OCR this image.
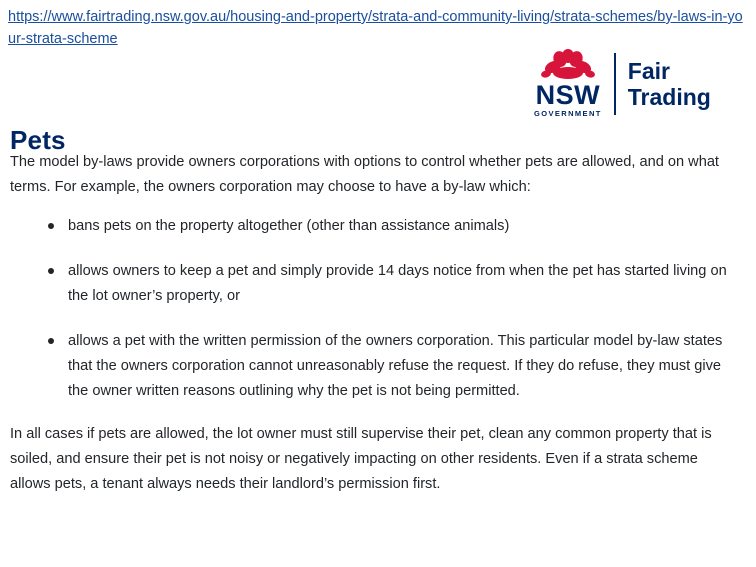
https://www.fairtrading.nsw.gov.au/housing-and-property/strata-and-community-living/strata-schemes/by-laws-in-your-strata-scheme
NSW
GOVERNMENT
Fair
Trading
Pets

The model by-laws provide owners corporations with options to control whether pets are allowed, and on what terms. For example, the owners corporation may choose to have a by-law which:

bans pets on the property altogether (other than assistance animals)
allows owners to keep a pet and simply provide 14 days notice from when the pet has started living on the lot owner’s property, or
allows a pet with the written permission of the owners corporation. This particular model by-law states that the owners corporation cannot unreasonably refuse the request. If they do refuse, they must give the owner written reasons outlining why the pet is not being permitted.

In all cases if pets are allowed, the lot owner must still supervise their pet, clean any common property that is soiled, and ensure their pet is not noisy or negatively impacting on other residents. Even if a strata scheme allows pets, a tenant always needs their landlord’s permission first.
